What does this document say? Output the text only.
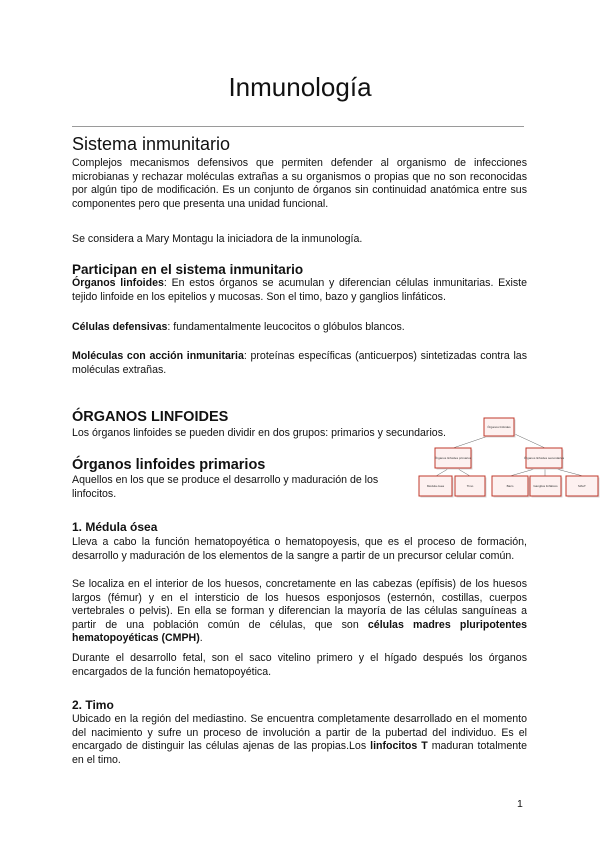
Inmunología
Sistema inmunitario

Complejos mecanismos defensivos que permiten defender al organismo de infecciones microbianas y rechazar moléculas extrañas a su organismos o propias que no son reconocidas por algún tipo de modificación. Es un conjunto de órganos sin continuidad anatómica entre sus componentes pero que presenta una unidad funcional.

Se considera a Mary Montagu la iniciadora de la inmunología.

Participan en el sistema inmunitario

Órganos linfoides: En estos órganos se acumulan y diferencian células inmunitarias. Existe tejido linfoide en los epitelios y mucosas. Son el timo, bazo y ganglios linfáticos.

Células defensivas: fundamentalmente leucocitos o glóbulos blancos.

Moléculas con acción inmunitaria: proteínas específicas (anticuerpos) sintetizadas contra las moléculas extrañas.

ÓRGANOS LINFOIDES

Los órganos linfoides se pueden dividir en dos grupos: primarios y secundarios.

Órganos linfoides primarios

Aquellos en los que se produce el desarrollo y maduración de los linfocitos.

Órganos linfoides
Órganos linfoides primarios	Órganos linfoides secundarios
Médula ósea	Timo	Bazo	Ganglios linfáticos	MALT
1. Médula ósea

Lleva a cabo la función hematopoyética o hematopoyesis, que es el proceso de formación, desarrollo y maduración de los elementos de la sangre a partir de un precursor celular común.

Se localiza en el interior de los huesos, concretamente en las cabezas (epífisis) de los huesos largos (fémur) y en el intersticio de los huesos esponjosos (esternón, costillas, cuerpos vertebrales o pelvis). En ella se forman y diferencian la mayoría de las células sanguíneas a partir de una población común de células, que son células madres pluripotentes hematopoyéticas (CMPH).

Durante el desarrollo fetal, son el saco vitelino primero y el hígado después los órganos encargados de la función hematopoyética.

2. Timo

Ubicado en la región del mediastino. Se encuentra completamente desarrollado en el momento del nacimiento y sufre un proceso de involución a partir de la pubertad del individuo. Es el encargado de distinguir las células ajenas de las propias.Los linfocitos T maduran totalmente en el timo.

1
